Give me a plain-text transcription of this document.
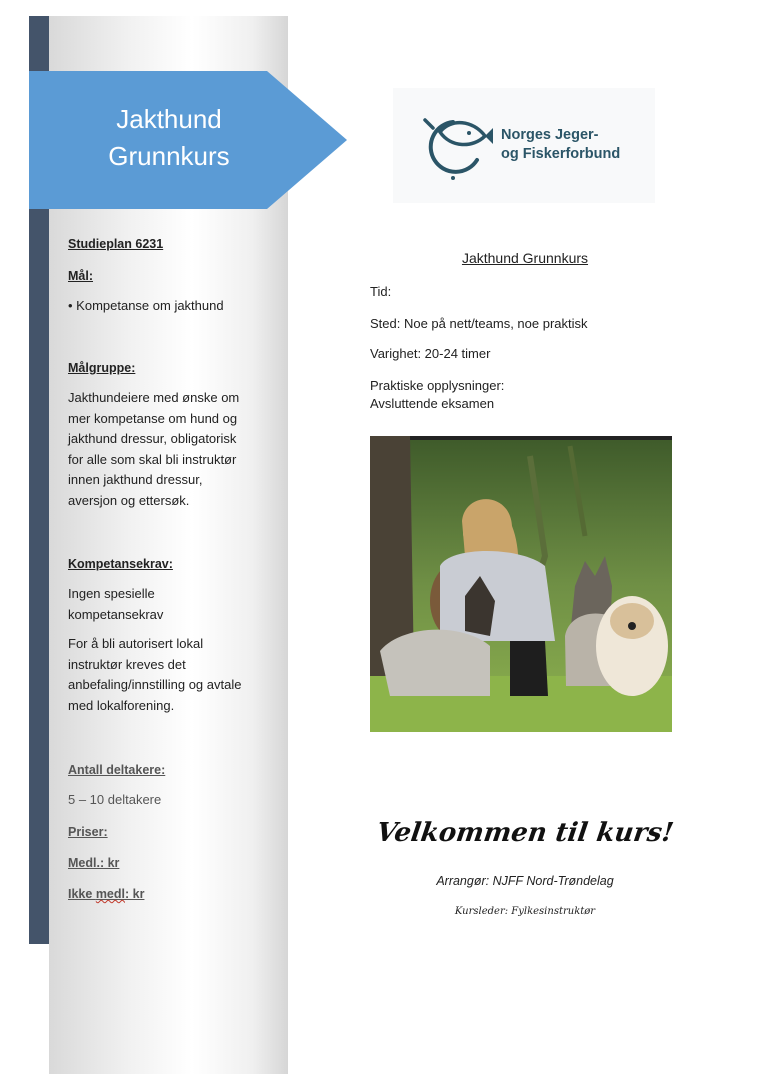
Jakthund
Grunnkurs
Studieplan 6231
Mål:
• Kompetanse om jakthund
Målgruppe:
Jakthundeiere med ønske om
mer kompetanse om hund og
jakthund dressur, obligatorisk
for alle som skal bli instruktør
innen jakthund dressur,
aversjon og ettersøk.
Kompetansekrav:
Ingen spesielle
kompetansekrav
For å bli autorisert lokal
instruktør kreves det
anbefaling/innstilling og avtale
med lokalforening.
Antall deltakere:
5 – 10 deltakere
Priser:
Medl.: kr
Ikke medl: kr
Norges Jeger-
og Fiskerforbund
Jakthund Grunnkurs
Tid:
Sted: Noe på nett/teams, noe praktisk
Varighet: 20-24 timer
Praktiske opplysninger:
Avsluttende eksamen
Velkommen til kurs!
Arrangør: NJFF Nord-Trøndelag
Kursleder: Fylkesinstruktør
